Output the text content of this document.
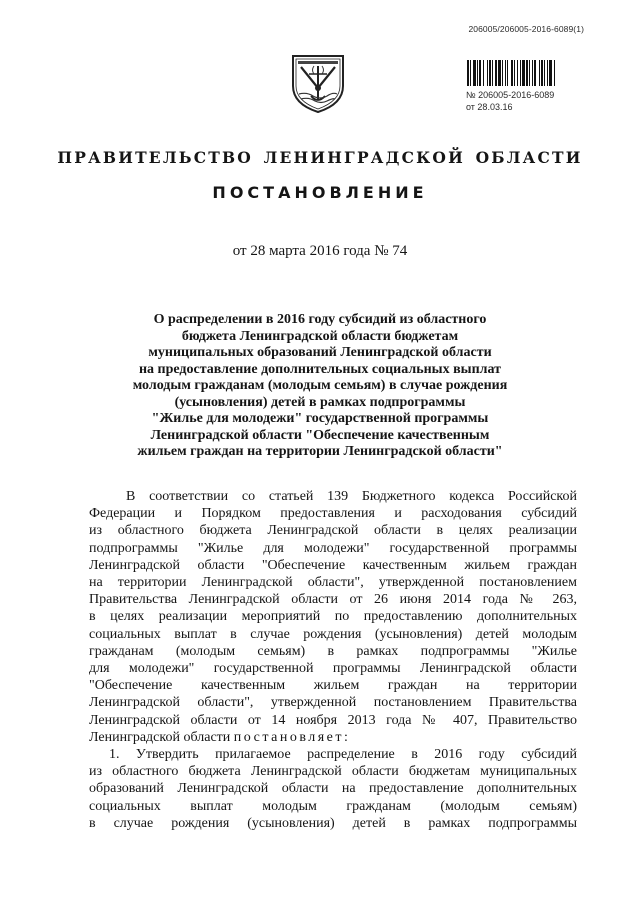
206005/206005-2016-6089(1)
№ 206005-2016-6089
от 28.03.16
ПРАВИТЕЛЬСТВО ЛЕНИНГРАДСКОЙ ОБЛАСТИ
ПОСТАНОВЛЕНИЕ
от 28 марта 2016 года № 74
О распределении в 2016 году субсидий из областного
бюджета Ленинградской области бюджетам
муниципальных образований Ленинградской области
на предоставление дополнительных социальных выплат
молодым гражданам (молодым семьям) в случае рождения
(усыновления) детей в рамках подпрограммы
"Жилье для молодежи" государственной программы
Ленинградской области "Обеспечение качественным
жильем граждан на территории Ленинградской области"
В соответствии со статьей 139 Бюджетного кодекса Российской
Федерации и Порядком предоставления и расходования субсидий
из областного бюджета Ленинградской области в целях реализации
подпрограммы "Жилье для молодежи" государственной программы
Ленинградской области "Обеспечение качественным жильем граждан
на территории Ленинградской области", утвержденной постановлением
Правительства Ленинградской области от 26 июня 2014 года № 263,
в целях реализации мероприятий по предоставлению дополнительных
социальных выплат в случае рождения (усыновления) детей молодым
гражданам (молодым семьям) в рамках подпрограммы "Жилье
для молодежи" государственной программы Ленинградской области
"Обеспечение качественным жильем граждан на территории
Ленинградской области", утвержденной постановлением Правительства
Ленинградской области от 14 ноября 2013 года № 407, Правительство
Ленинградской области постановляет:
1. Утвердить прилагаемое распределение в 2016 году субсидий
из областного бюджета Ленинградской области бюджетам муниципальных
образований Ленинградской области на предоставление дополнительных
социальных выплат молодым гражданам (молодым семьям)
в случае рождения (усыновления) детей в рамках подпрограммы
